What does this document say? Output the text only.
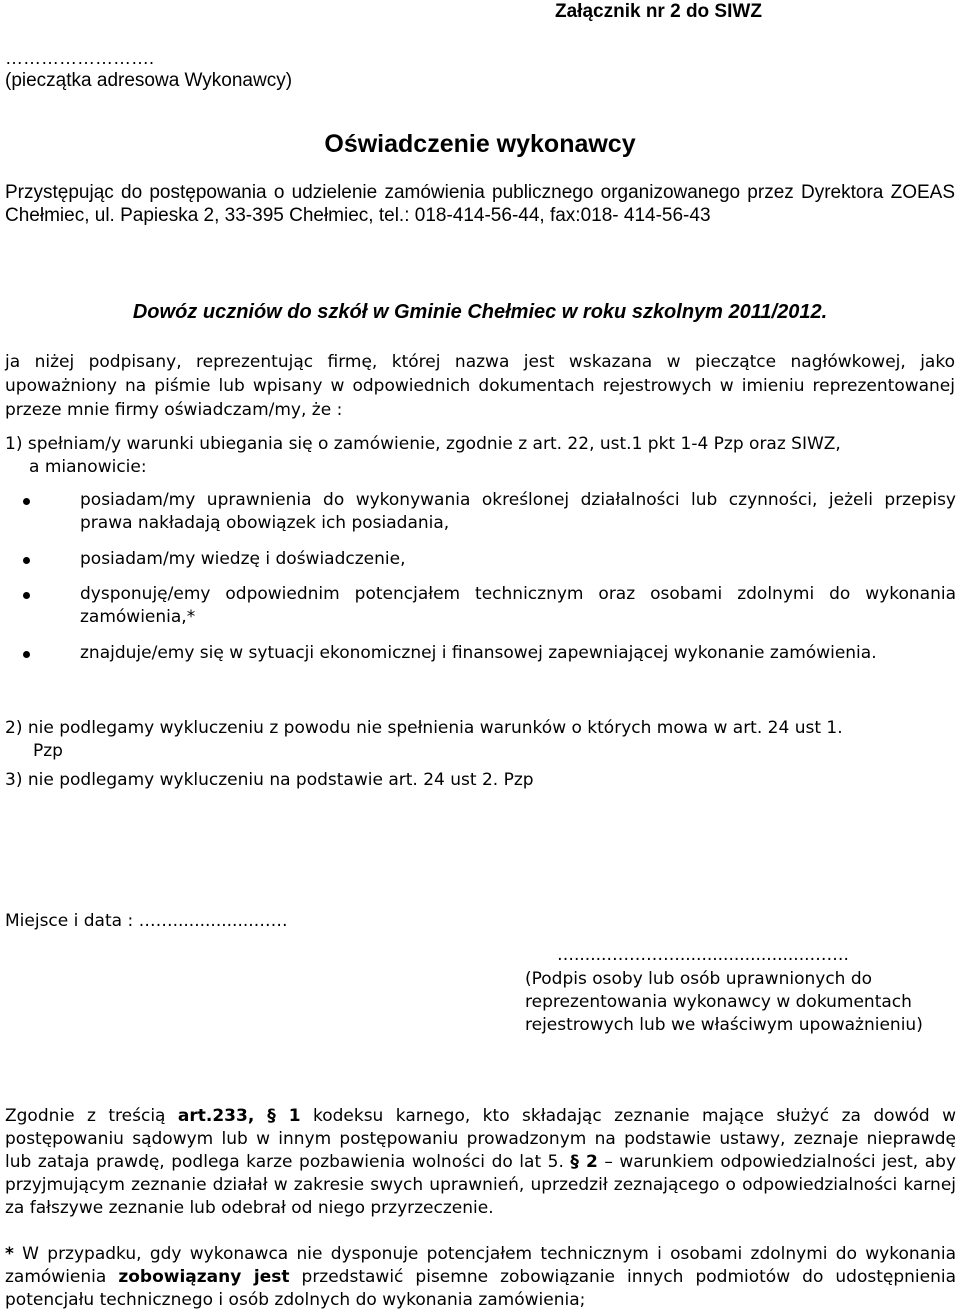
Załącznik nr 2 do SIWZ
…………………….
(pieczątka adresowa Wykonawcy)
Oświadczenie wykonawcy
Przystępując do postępowania o udzielenie zamówienia publicznego organizowanego przez Dyrektora ZOEAS Chełmiec, ul. Papieska 2, 33-395 Chełmiec, tel.: 018-414-56-44, fax:018- 414-56-43
Dowóz uczniów do szkół w Gminie Chełmiec w roku szkolnym 2011/2012.
ja niżej podpisany, reprezentując firmę, której nazwa jest wskazana w pieczątce nagłówkowej, jako upoważniony na piśmie lub wpisany w odpowiednich dokumentach rejestrowych w imieniu reprezentowanej przeze mnie firmy oświadczam/my, że :
1) spełniam/y warunki ubiegania się o zamówienie, zgodnie z art. 22, ust.1 pkt 1-4 Pzp oraz SIWZ,
a mianowicie:
posiadam/my uprawnienia do wykonywania określonej działalności lub czynności, jeżeli przepisy prawa nakładają obowiązek ich posiadania,
posiadam/my wiedzę i doświadczenie,
dysponuję/emy odpowiednim potencjałem technicznym oraz osobami zdolnymi do wykonania zamówienia,*
znajduje/emy się w sytuacji ekonomicznej i finansowej zapewniającej wykonanie zamówienia.
2) nie podlegamy wykluczeniu z powodu nie spełnienia warunków o których mowa w art. 24 ust 1.
Pzp
3) nie podlegamy wykluczeniu na podstawie art. 24 ust 2. Pzp
Miejsce i data : ……...............……
…......………….........................…….
(Podpis osoby lub osób uprawnionych do reprezentowania wykonawcy w dokumentach rejestrowych lub we właściwym upoważnieniu)
Zgodnie z treścią art.233, § 1 kodeksu karnego, kto składając zeznanie mające służyć za dowód w postępowaniu sądowym lub w innym postępowaniu prowadzonym na podstawie ustawy, zeznaje nieprawdę lub zataja prawdę, podlega karze pozbawienia wolności do lat 5. § 2 – warunkiem odpowiedzialności jest, aby przyjmującym zeznanie działał w zakresie swych uprawnień, uprzedził zeznającego o odpowiedzialności karnej za fałszywe zeznanie lub odebrał od niego przyrzeczenie.
* W przypadku, gdy wykonawca nie dysponuje potencjałem technicznym i osobami zdolnymi do wykonania zamówienia zobowiązany jest przedstawić pisemne zobowiązanie innych podmiotów do udostępnienia potencjału technicznego i osób zdolnych do wykonania zamówienia;
